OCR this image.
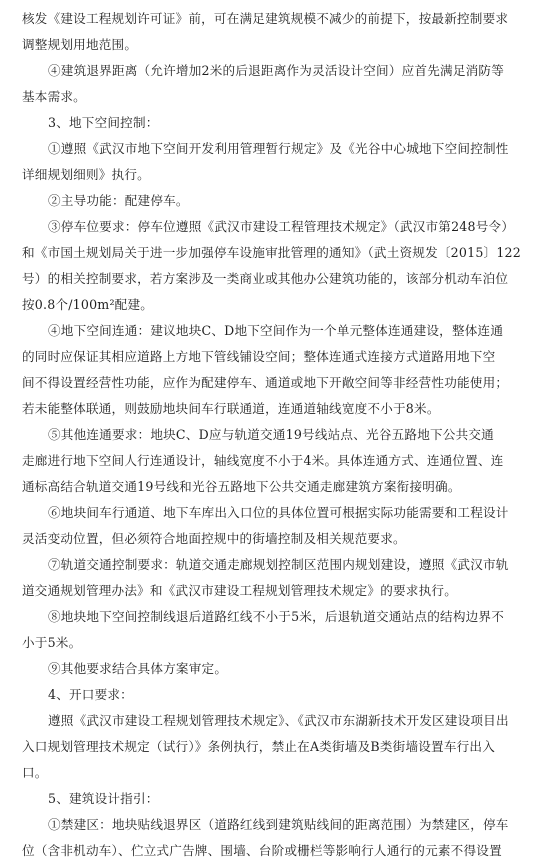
核发《建设工程规划许可证》前，可在满足建筑规模不减少的前提下，按最新控制要求
调整规划用地范围。
④建筑退界距离（允许增加2米的后退距离作为灵活设计空间）应首先满足消防等
基本需求。
3、地下空间控制：
①遵照《武汉市地下空间开发利用管理暂行规定》及《光谷中心城地下空间控制性
详细规划细则》执行。
②主导功能：配建停车。
③停车位要求：停车位遵照《武汉市建设工程管理技术规定》（武汉市第248号令）
和《市国土规划局关于进一步加强停车设施审批管理的通知》（武土资规发〔2015〕122
号）的相关控制要求，若方案涉及一类商业或其他办公建筑功能的，该部分机动车泊位
按0.8个/100m²配建。
④地下空间连通：建议地块C、D地下空间作为一个单元整体连通建设，整体连通
的同时应保证其相应道路上方地下管线铺设空间；整体连通式连接方式道路用地下空
间不得设置经营性功能，应作为配建停车、通道或地下开敞空间等非经营性功能使用；
若未能整体联通，则鼓励地块间车行联通道，连通道轴线宽度不小于8米。
⑤其他连通要求：地块C、D应与轨道交通19号线站点、光谷五路地下公共交通
走廊进行地下空间人行连通设计，轴线宽度不小于4米。具体连通方式、连通位置、连
通标高结合轨道交通19号线和光谷五路地下公共交通走廊建筑方案衔接明确。
⑥地块间车行通道、地下车库出入口位的具体位置可根据实际功能需要和工程设计
灵活变动位置，但必须符合地面控规中的街墙控制及相关规范要求。
⑦轨道交通控制要求：轨道交通走廊规划控制区范围内规划建设，遵照《武汉市轨
道交通规划管理办法》和《武汉市建设工程规划管理技术规定》的要求执行。
⑧地块地下空间控制线退后道路红线不小于5米，后退轨道交通站点的结构边界不
小于5米。
⑨其他要求结合具体方案审定。
4、开口要求：
遵照《武汉市建设工程规划管理技术规定》、《武汉市东湖新技术开发区建设项目出
入口规划管理技术规定（试行）》条例执行，禁止在A类街墙及B类街墙设置车行出入
口。
5、建筑设计指引：
①禁建区：地块贴线退界区（道路红线到建筑贴线间的距离范围）为禁建区，停车
位（含非机动车）、伫立式广告牌、围墙、台阶或栅栏等影响行人通行的元素不得设置
